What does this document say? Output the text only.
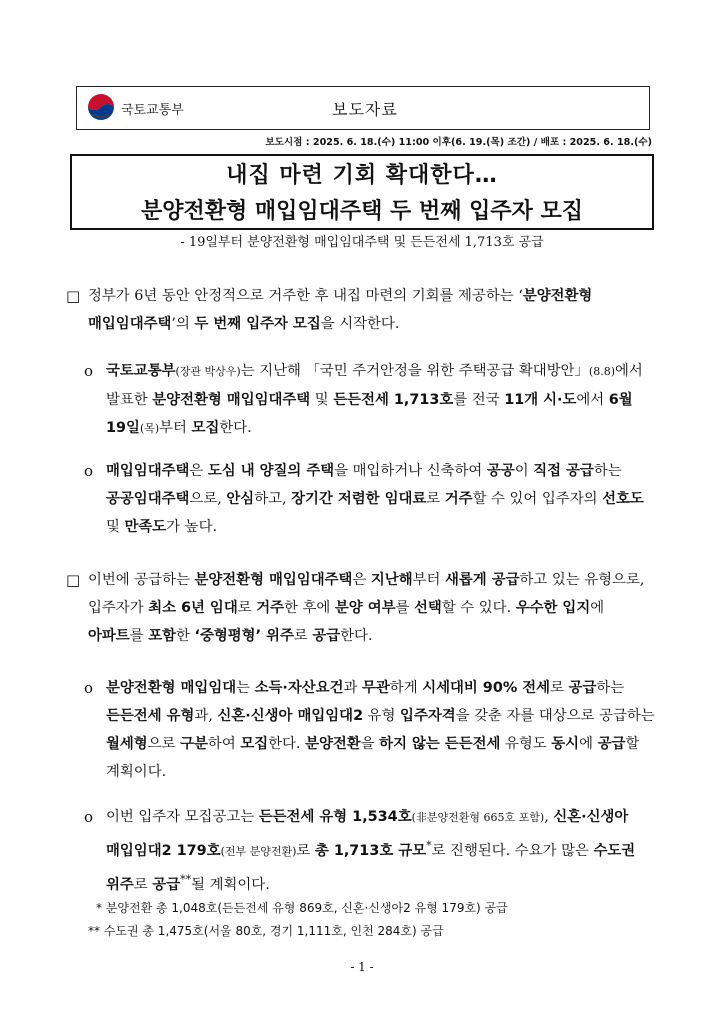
국토교통부	보도자료
보도시점 : 2025. 6. 18.(수) 11:00 이후(6. 19.(목) 조간) / 배포 : 2025. 6. 18.(수)
내집 마련 기회 확대한다…
분양전환형 매입임대주택 두 번째 입주자 모집
- 19일부터 분양전환형 매입임대주택 및 든든전세 1,713호 공급
□ 정부가 6년 동안 안정적으로 거주한 후 내집 마련의 기회를 제공하는 ‘분양전환형 매입임대주택’의 두 번째 입주자 모집을 시작한다.
ο 국토교통부(장관 박상우)는 지난해 「국민 주거안정을 위한 주택공급 확대방안」(8.8)에서 발표한 분양전환형 매입임대주택 및 든든전세 1,713호를 전국 11개 시·도에서 6월 19일(목)부터 모집한다.
ο 매입임대주택은 도심 내 양질의 주택을 매입하거나 신축하여 공공이 직접 공급하는 공공임대주택으로, 안심하고, 장기간 저렴한 임대료로 거주할 수 있어 입주자의 선호도 및 만족도가 높다.
□ 이번에 공급하는 분양전환형 매입임대주택은 지난해부터 새롭게 공급하고 있는 유형으로, 입주자가 최소 6년 임대로 거주한 후에 분양 여부를 선택할 수 있다. 우수한 입지에 아파트를 포함한 ‘중형평형’ 위주로 공급한다.
ο 분양전환형 매입임대는 소득·자산요건과 무관하게 시세대비 90% 전세로 공급하는 든든전세 유형과, 신혼·신생아 매입임대2 유형 입주자격을 갖춘 자를 대상으로 공급하는 월세형으로 구분하여 모집한다. 분양전환을 하지 않는 든든전세 유형도 동시에 공급할 계획이다.
ο 이번 입주자 모집공고는 든든전세 유형 1,534호(非분양전환형 665호 포함), 신혼·신생아 매입임대2 179호(전부 분양전환)로 총 1,713호 규모*로 진행된다. 수요가 많은 수도권 위주로 공급**될 계획이다.
* 분양전환 총 1,048호(든든전세 유형 869호, 신혼·신생아2 유형 179호) 공급
** 수도권 총 1,475호(서울 80호, 경기 1,111호, 인천 284호) 공급
- 1 -
